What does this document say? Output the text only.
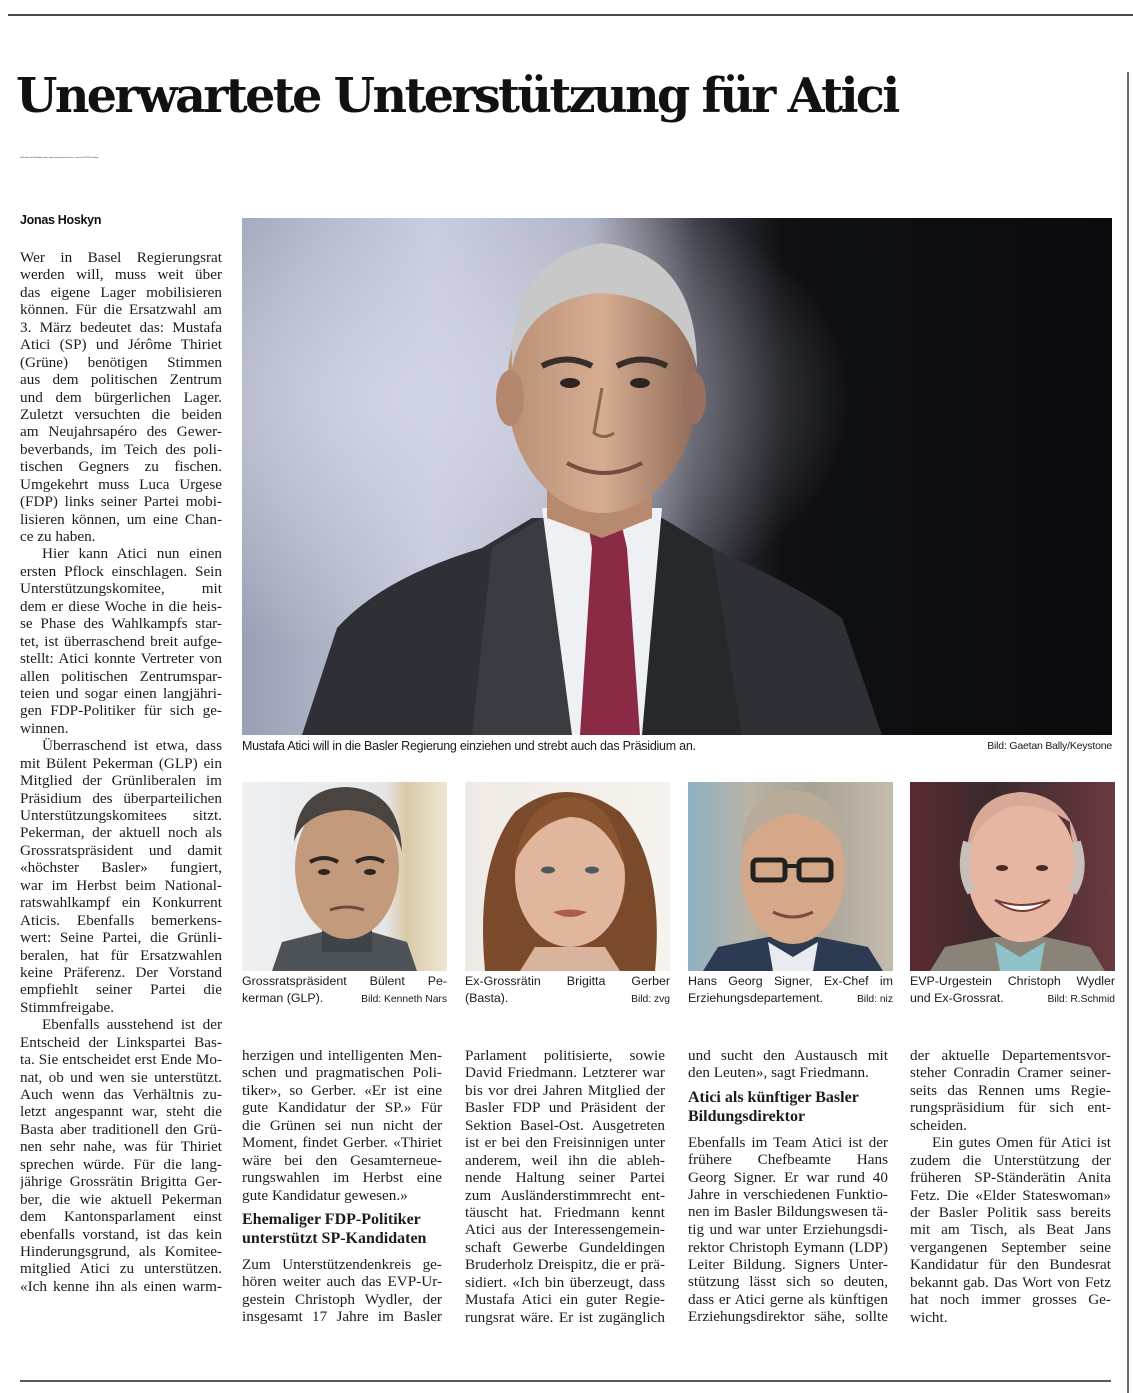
Unerwartete Unterstützung für Atici
Im Komitee des SP-Kandidaten sitzen einige bemerkenswerte Personen – auch von GLP, EVP und Basta.
Jonas Hoskyn
Mustafa Atici will in die Basler Regierung einziehen und strebt auch das Präsidium an.	Bild: Gaetan Bally/Keystone
Grossratspräsident Bülent Pe-
kerman (GLP).	Bild: Kenneth Nars
Ex-Grossrätin Brigitta Gerber
(Basta).	Bild: zvg
Hans Georg Signer, Ex-Chef im
Erziehungsdepartement.	Bild: niz
EVP-Urgestein Christoph Wydler
und Ex-Grossrat.	Bild: R.Schmid
Wer in Basel Regierungsrat
werden will, muss weit über
das eigene Lager mobilisieren
können. Für die Ersatzwahl am
3. März bedeutet das: Mustafa
Atici (SP) und Jérôme Thiriet
(Grüne) benötigen Stimmen
aus dem politischen Zentrum
und dem bürgerlichen Lager.
Zuletzt versuchten die beiden
am Neujahrsapéro des Gewer-
beverbands, im Teich des poli-
tischen Gegners zu fischen.
Umgekehrt muss Luca Urgese
(FDP) links seiner Partei mobi-
lisieren können, um eine Chan-
ce zu haben.
Hier kann Atici nun einen
ersten Pflock einschlagen. Sein
Unterstützungskomitee, mit
dem er diese Woche in die heis-
se Phase des Wahlkampfs star-
tet, ist überraschend breit aufge-
stellt: Atici konnte Vertreter von
allen politischen Zentrumspar-
teien und sogar einen langjähri-
gen FDP-Politiker für sich ge-
winnen.
Überraschend ist etwa, dass
mit Bülent Pekerman (GLP) ein
Mitglied der Grünliberalen im
Präsidium des überparteilichen
Unterstützungskomitees sitzt.
Pekerman, der aktuell noch als
Grossratspräsident und damit
«höchster Basler» fungiert,
war im Herbst beim National-
ratswahlkampf ein Konkurrent
Aticis. Ebenfalls bemerkens-
wert: Seine Partei, die Grünli-
beralen, hat für Ersatzwahlen
keine Präferenz. Der Vorstand
empfiehlt seiner Partei die
Stimmfreigabe.
Ebenfalls ausstehend ist der
Entscheid der Linkspartei Bas-
ta. Sie entscheidet erst Ende Mo-
nat, ob und wen sie unterstützt.
Auch wenn das Verhältnis zu-
letzt angespannt war, steht die
Basta aber traditionell den Grü-
nen sehr nahe, was für Thiriet
sprechen würde. Für die lang-
jährige Grossrätin Brigitta Ger-
ber, die wie aktuell Pekerman
dem Kantonsparlament einst
ebenfalls vorstand, ist das kein
Hinderungsgrund, als Komitee-
mitglied Atici zu unterstützen.
«Ich kenne ihn als einen warm-
herzigen und intelligenten Men-
schen und pragmatischen Poli-
tiker», so Gerber. «Er ist eine
gute Kandidatur der SP.» Für
die Grünen sei nun nicht der
Moment, findet Gerber. «Thiriet
wäre bei den Gesamterneue-
rungswahlen im Herbst eine
gute Kandidatur gewesen.»
Ehemaliger FDP-Politiker
unterstützt SP-Kandidaten
Zum Unterstützendenkreis ge-
hören weiter auch das EVP-Ur-
gestein Christoph Wydler, der
insgesamt 17 Jahre im Basler
Parlament politisierte, sowie
David Friedmann. Letzterer war
bis vor drei Jahren Mitglied der
Basler FDP und Präsident der
Sektion Basel-Ost. Ausgetreten
ist er bei den Freisinnigen unter
anderem, weil ihn die ableh-
nende Haltung seiner Partei
zum Ausländerstimmrecht ent-
täuscht hat. Friedmann kennt
Atici aus der Interessengemein-
schaft Gewerbe Gundeldingen
Bruderholz Dreispitz, die er prä-
sidiert. «Ich bin überzeugt, dass
Mustafa Atici ein guter Regie-
rungsrat wäre. Er ist zugänglich
und sucht den Austausch mit
den Leuten», sagt Friedmann.
Atici als künftiger Basler
Bildungsdirektor
Ebenfalls im Team Atici ist der
frühere Chefbeamte Hans
Georg Signer. Er war rund 40
Jahre in verschiedenen Funktio-
nen im Basler Bildungswesen tä-
tig und war unter Erziehungsdi-
rektor Christoph Eymann (LDP)
Leiter Bildung. Signers Unter-
stützung lässt sich so deuten,
dass er Atici gerne als künftigen
Erziehungsdirektor sähe, sollte
der aktuelle Departementsvor-
steher Conradin Cramer seiner-
seits das Rennen ums Regie-
rungspräsidium für sich ent-
scheiden.
Ein gutes Omen für Atici ist
zudem die Unterstützung der
früheren SP-Ständerätin Anita
Fetz. Die «Elder Stateswoman»
der Basler Politik sass bereits
mit am Tisch, als Beat Jans
vergangenen September seine
Kandidatur für den Bundesrat
bekannt gab. Das Wort von Fetz
hat noch immer grosses Ge-
wicht.
